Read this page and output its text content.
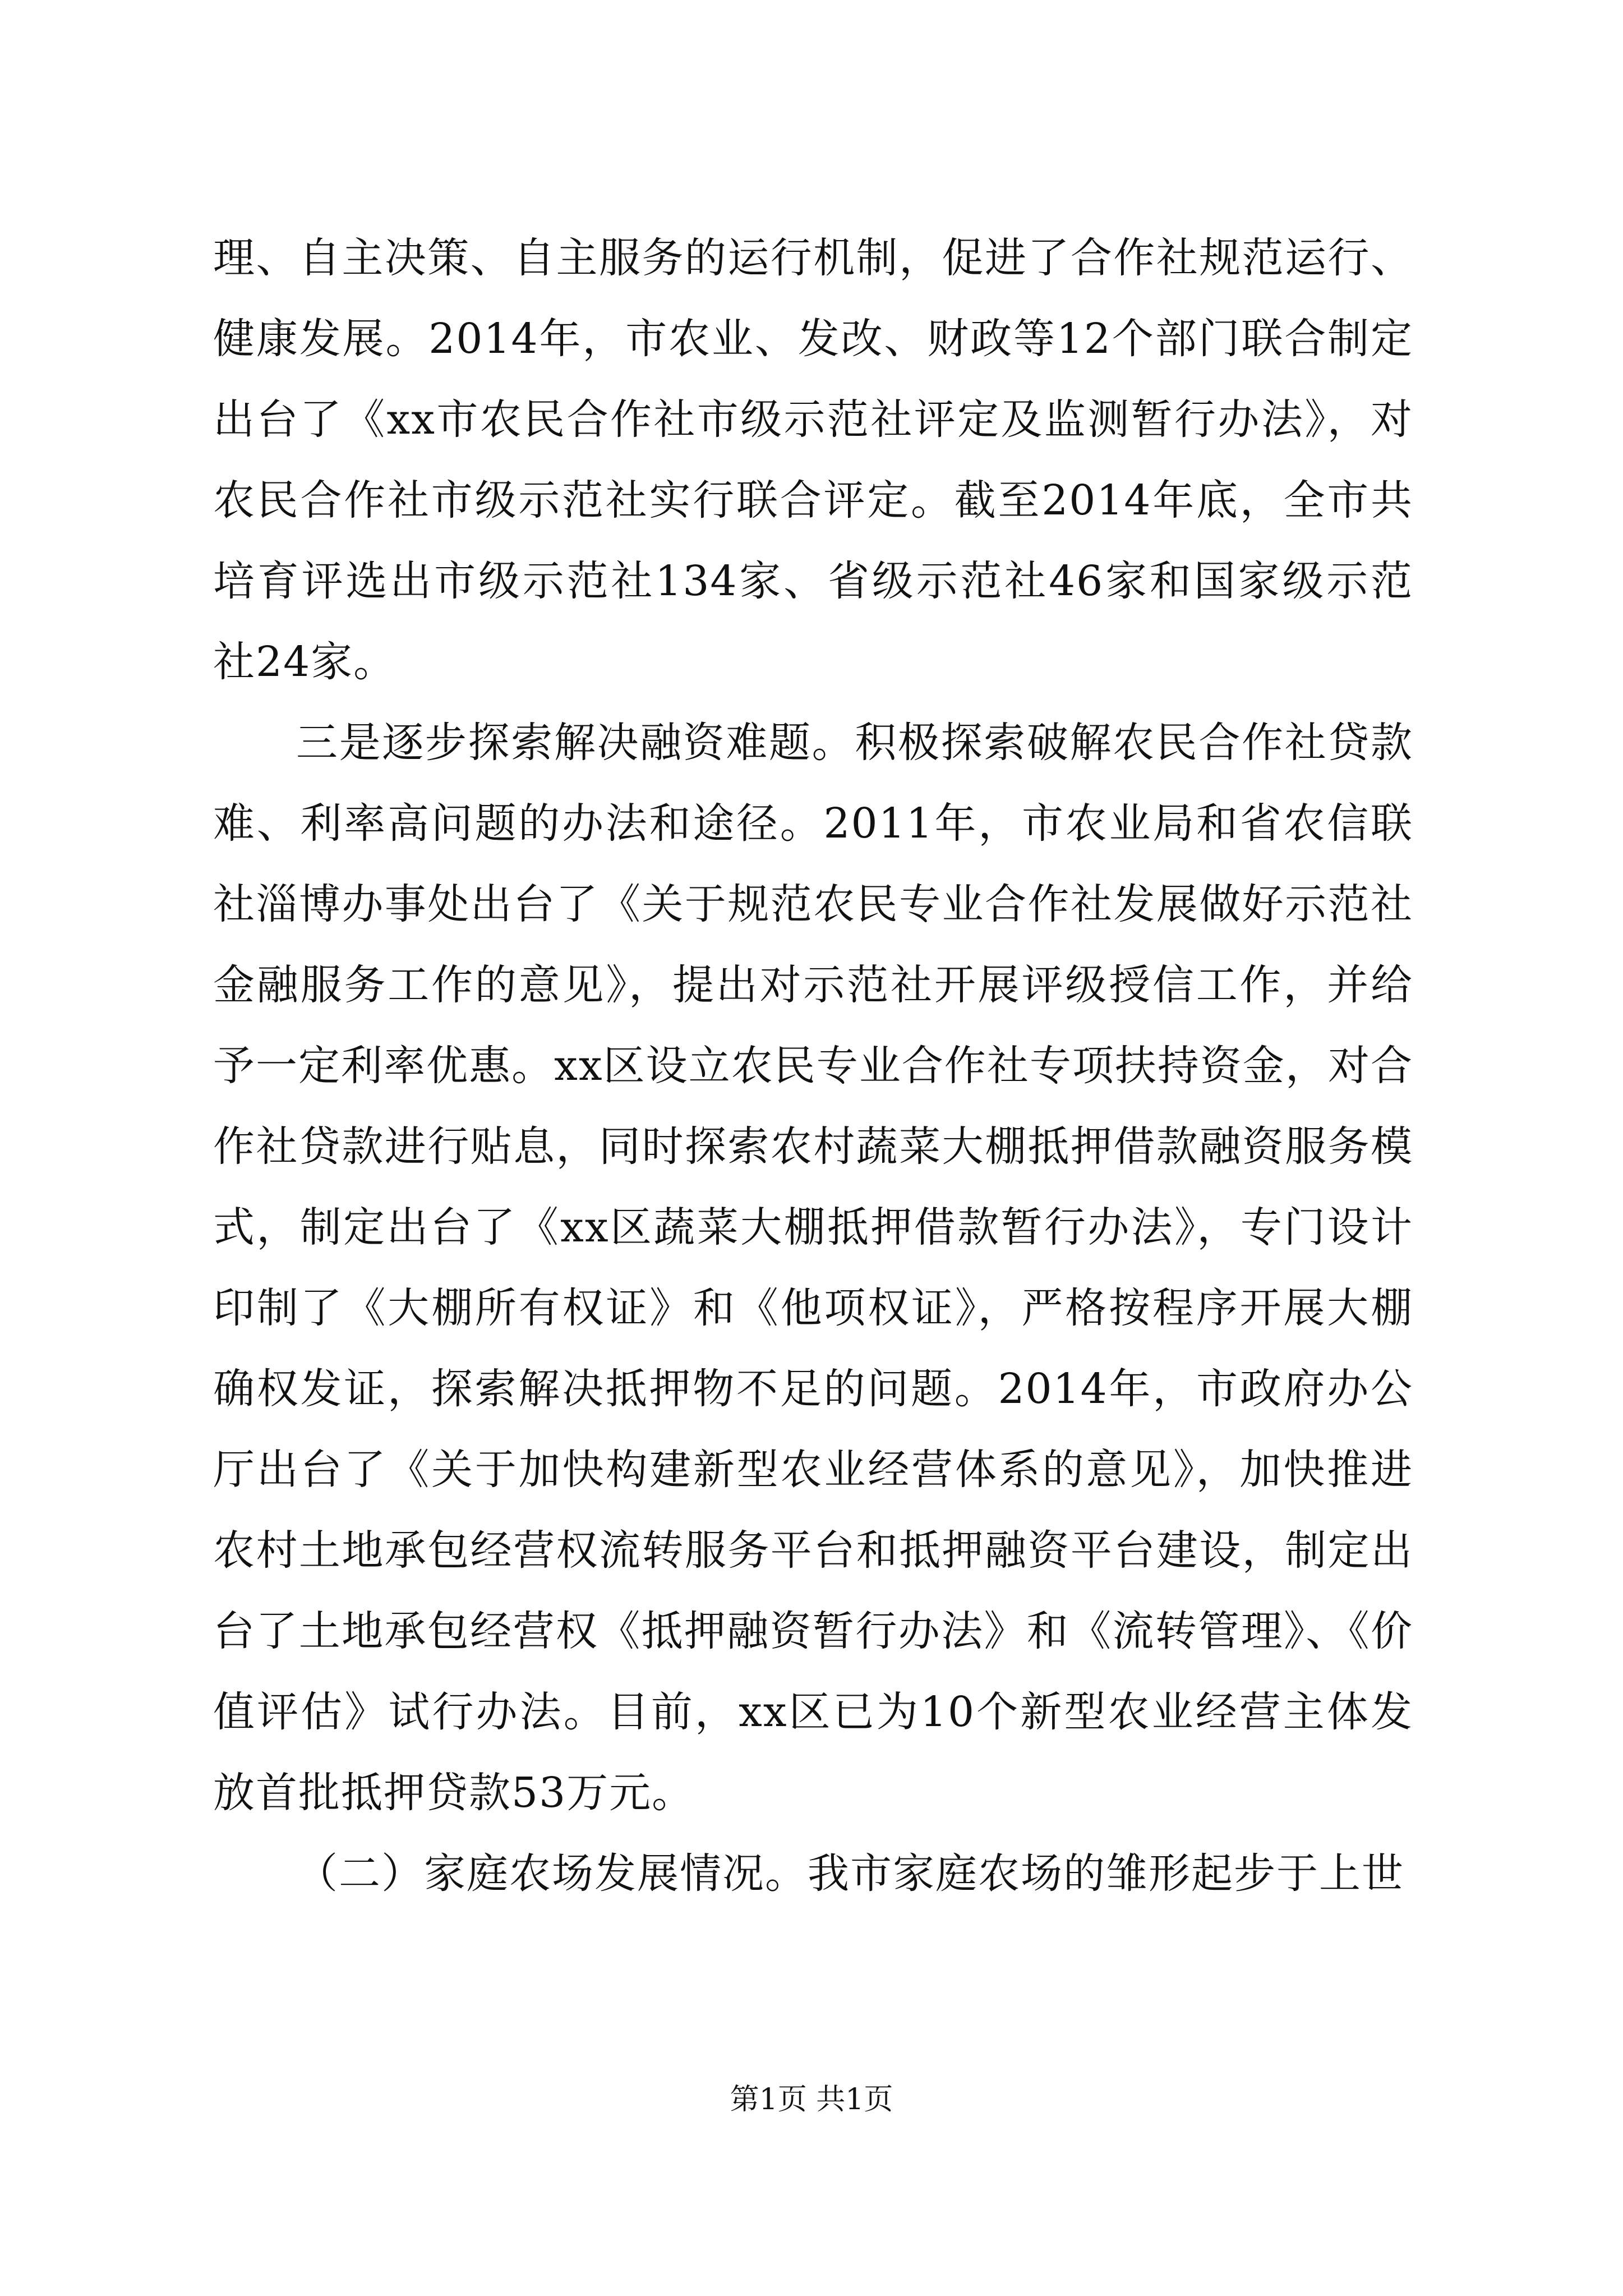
理、自主决策、自主服务的运行机制，促进了合作社规范运行、健康发展。2014年，市农业、发改、财政等12个部门联合制定出台了《xx市农民合作社市级示范社评定及监测暂行办法》，对农民合作社市级示范社实行联合评定。截至2014年底，全市共培育评选出市级示范社134家、省级示范社46家和国家级示范社24家。

三是逐步探索解决融资难题。积极探索破解农民合作社贷款难、利率高问题的办法和途径。2011年，市农业局和省农信联社淄博办事处出台了《关于规范农民专业合作社发展做好示范社金融服务工作的意见》，提出对示范社开展评级授信工作，并给予一定利率优惠。xx区设立农民专业合作社专项扶持资金，对合作社贷款进行贴息，同时探索农村蔬菜大棚抵押借款融资服务模式，制定出台了《xx区蔬菜大棚抵押借款暂行办法》，专门设计印制了《大棚所有权证》和《他项权证》，严格按程序开展大棚确权发证，探索解决抵押物不足的问题。2014年，市政府办公厅出台了《关于加快构建新型农业经营体系的意见》，加快推进农村土地承包经营权流转服务平台和抵押融资平台建设，制定出台了土地承包经营权《抵押融资暂行办法》和《流转管理》、《价值评估》试行办法。目前，xx区已为10个新型农业经营主体发放首批抵押贷款53万元。

（二）家庭农场发展情况。我市家庭农场的雏形起步于上世

第1页 共1页
